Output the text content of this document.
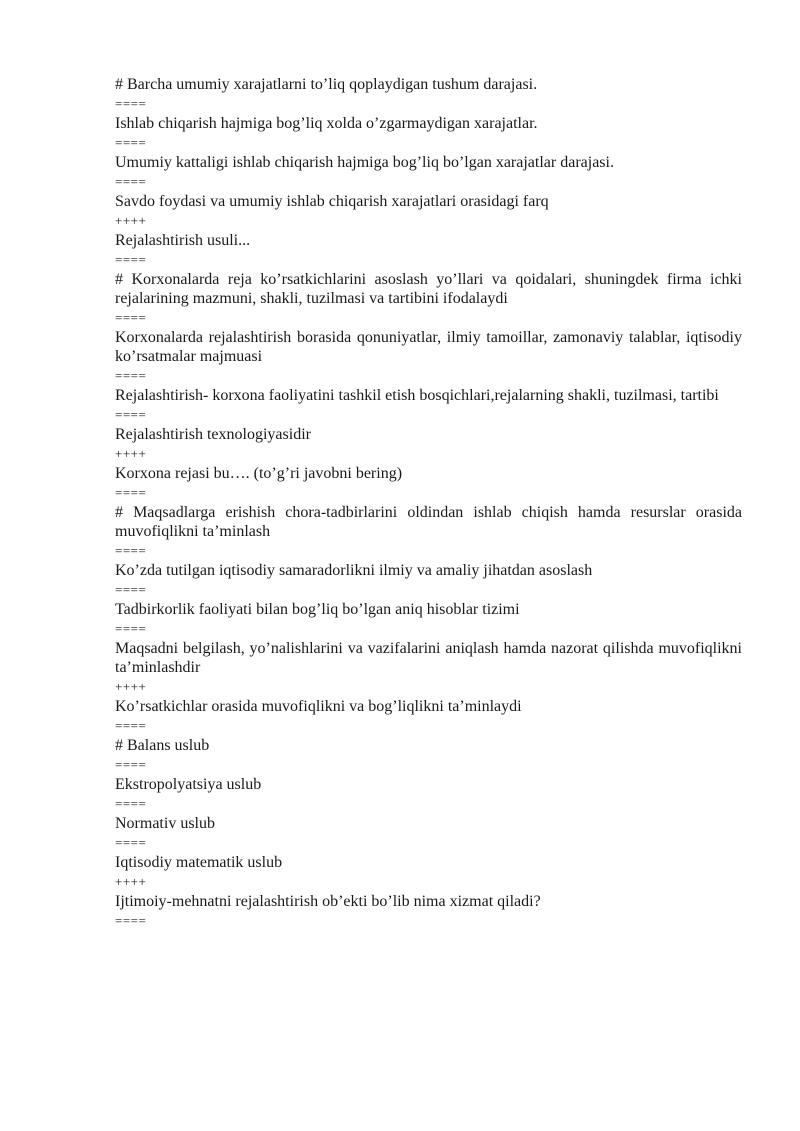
# Barcha umumiy xarajatlarni to’liq qoplaydigan tushum darajasi.

====

Ishlab chiqarish hajmiga bog’liq xolda o’zgarmaydigan xarajatlar.

====

Umumiy kattaligi ishlab chiqarish hajmiga bog’liq bo’lgan xarajatlar darajasi.

====

Savdo foydasi va umumiy ishlab chiqarish xarajatlari orasidagi farq

++++

Rejalashtirish usuli...

====

# Korxonalarda reja ko’rsatkichlarini asoslash yo’llari va qoidalari, shuningdek firma ichki rejalarining mazmuni, shakli, tuzilmasi va tartibini ifodalaydi

====

Korxonalarda rejalashtirish borasida qonuniyatlar, ilmiy tamoillar, zamonaviy talablar, iqtisodiy ko’rsatmalar majmuasi

====

Rejalashtirish- korxona faoliyatini tashkil etish bosqichlari,rejalarning shakli, tuzilmasi, tartibi

====

Rejalashtirish texnologiyasidir

++++

Korxona rejasi bu…. (to’g’ri javobni bering)

====

# Maqsadlarga erishish chora-tadbirlarini oldindan ishlab chiqish hamda resurslar orasida muvofiqlikni ta’minlash

====

Ko’zda tutilgan iqtisodiy samaradorlikni ilmiy va amaliy jihatdan asoslash

====

Tadbirkorlik faoliyati bilan bog’liq bo’lgan aniq hisoblar tizimi

====

Maqsadni belgilash, yo’nalishlarini va vazifalarini aniqlash hamda nazorat qilishda muvofiqlikni ta’minlashdir

++++

Ko’rsatkichlar orasida muvofiqlikni va bog’liqlikni ta’minlaydi

====

# Balans uslub

====

Ekstropolyatsiya uslub

====

Normativ uslub

====

Iqtisodiy matematik uslub

++++

Ijtimoiy-mehnatni rejalashtirish ob’ekti bo’lib nima xizmat qiladi?

====
